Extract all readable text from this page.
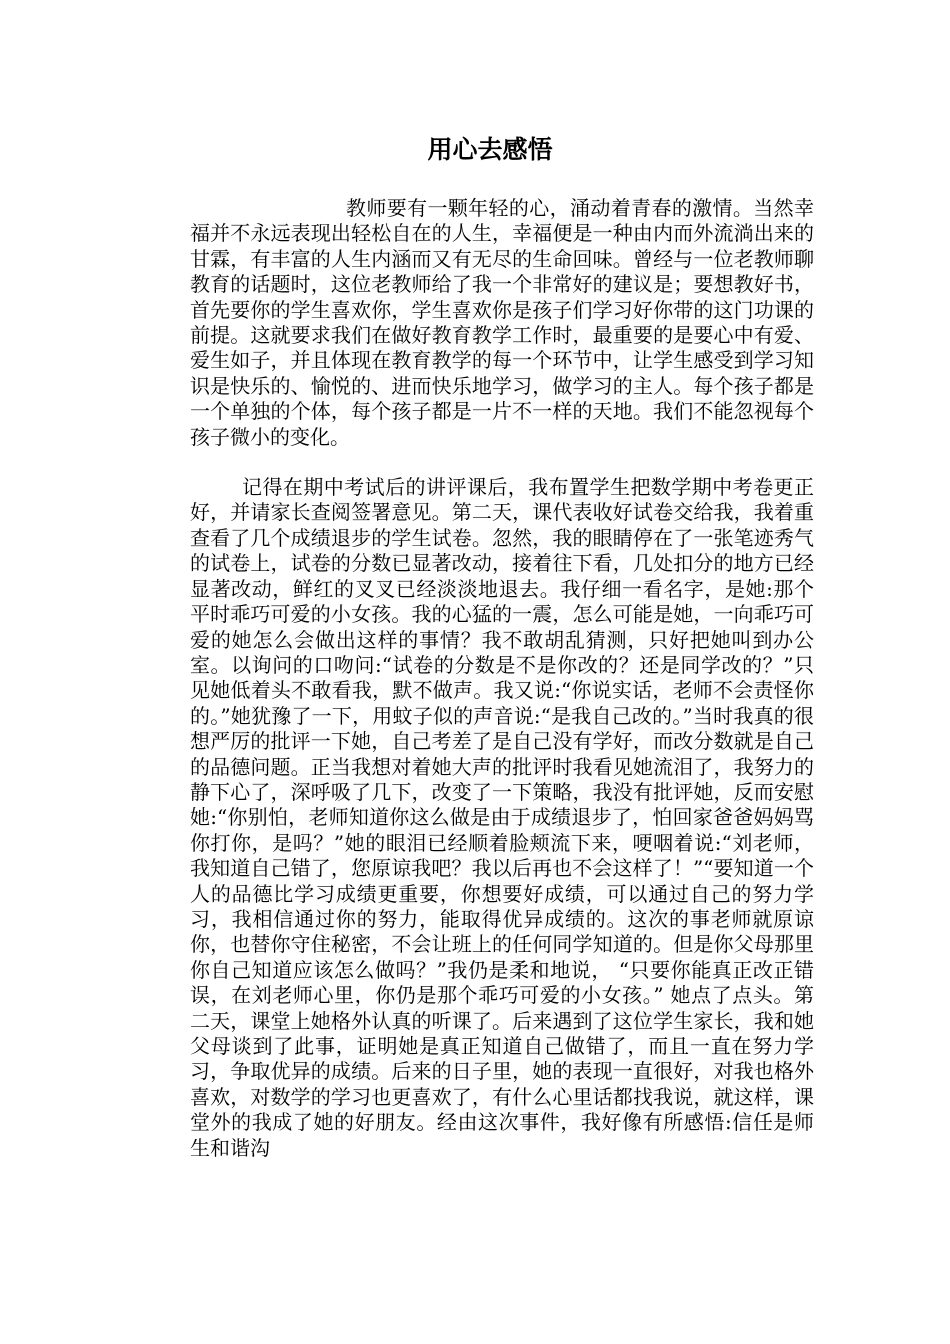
用心去感悟

教师要有一颗年轻的心，涌动着青春的激情。当然幸福并不永远表现出轻松自在的人生，幸福便是一种由内而外流淌出来的甘霖，有丰富的人生内涵而又有无尽的生命回味。曾经与一位老教师聊教育的话题时，这位老教师给了我一个非常好的建议是；要想教好书，首先要你的学生喜欢你，学生喜欢你是孩子们学习好你带的这门功课的前提。这就要求我们在做好教育教学工作时，最重要的是要心中有爱、爱生如子，并且体现在教育教学的每一个环节中，让学生感受到学习知识是快乐的、愉悦的、进而快乐地学习，做学习的主人。每个孩子都是一个单独的个体，每个孩子都是一片不一样的天地。我们不能忽视每个孩子微小的变化。

记得在期中考试后的讲评课后，我布置学生把数学期中考卷更正好，并请家长查阅签署意见。第二天，课代表收好试卷交给我，我着重查看了几个成绩退步的学生试卷。忽然，我的眼睛停在了一张笔迹秀气的试卷上，试卷的分数已显著改动，接着往下看，几处扣分的地方已经显著改动，鲜红的叉叉已经淡淡地退去。我仔细一看名字，是她:那个平时乖巧可爱的小女孩。我的心猛的一震，怎么可能是她，一向乖巧可爱的她怎么会做出这样的事情？我不敢胡乱猜测，只好把她叫到办公室。以询问的口吻问:“试卷的分数是不是你改的？还是同学改的？”只见她低着头不敢看我，默不做声。我又说:“你说实话，老师不会责怪你的。”她犹豫了一下，用蚊子似的声音说:“是我自己改的。”当时我真的很想严厉的批评一下她，自己考差了是自己没有学好，而改分数就是自己的品德问题。正当我想对着她大声的批评时我看见她流泪了，我努力的静下心了，深呼吸了几下，改变了一下策略，我没有批评她，反而安慰她:“你别怕，老师知道你这么做是由于成绩退步了，怕回家爸爸妈妈骂你打你，是吗？”她的眼泪已经顺着脸颊流下来，哽咽着说:“刘老师，我知道自己错了，您原谅我吧？我以后再也不会这样了！”“要知道一个人的品德比学习成绩更重要，你想要好成绩，可以通过自己的努力学习，我相信通过你的努力，能取得优异成绩的。这次的事老师就原谅你，也替你守住秘密，不会让班上的任何同学知道的。但是你父母那里你自己知道应该怎么做吗？”我仍是柔和地说， “只要你能真正改正错误，在刘老师心里，你仍是那个乖巧可爱的小女孩。” 她点了点头。第二天，课堂上她格外认真的听课了。后来遇到了这位学生家长，我和她父母谈到了此事，证明她是真正知道自己做错了，而且一直在努力学习，争取优异的成绩。后来的日子里，她的表现一直很好，对我也格外喜欢，对数学的学习也更喜欢了，有什么心里话都找我说，就这样，课堂外的我成了她的好朋友。经由这次事件，我好像有所感悟:信任是师生和谐沟
